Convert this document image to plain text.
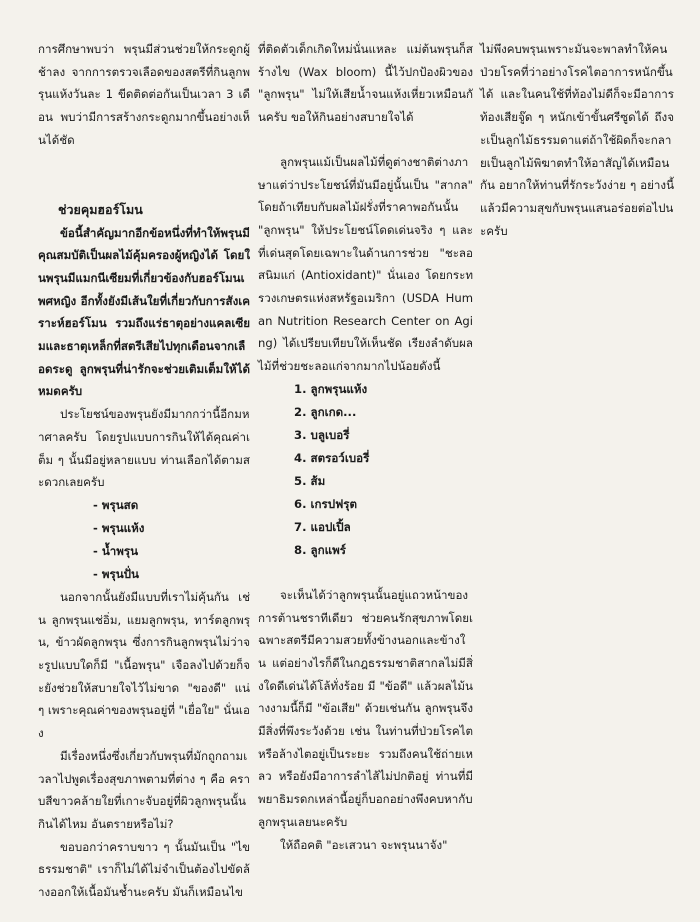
การศึกษาพบว่า พรุนมีส่วนช่วยให้กระดูกผู้ช้าลง จากการตรวจเลือดของสตรีที่กินลูกพรุนแห้งวันละ 1 ขีดติดต่อกันเป็นเวลา 3 เดือน พบว่ามีการสร้างกระดูกมากขึ้นอย่างเห็นได้ชัด

ช่วยคุมฮอร์โมน

ข้อนี้สำคัญมากอีกข้อหนึ่งที่ทำให้พรุนมีคุณสมบัติเป็นผลไม้คุ้มครองผู้หญิงได้ โดยในพรุนมีแมกนีเซียมที่เกี่ยวข้องกับฮอร์โมนเพศหญิง อีกทั้งยังมีเส้นใยที่เกี่ยวกับการสังเคราะห์ฮอร์โมน รวมถึงแร่ธาตุอย่างแคลเซียมและธาตุเหล็กที่สตรีเสียไปทุกเดือนจากเลือดระดู ลูกพรุนที่น่ารักจะช่วยเติมเต็มให้ได้หมดครับ

ประโยชน์ของพรุนยังมีมากกว่านี้อีกมหาศาลครับ โดยรูปแบบการกินให้ได้คุณค่าเต็ม ๆ นั้นมีอยู่หลายแบบ ท่านเลือกได้ตามสะดวกเลยครับ

- พรุนสด
- พรุนแห้ง
- น้ำพรุน
- พรุนปั่น

นอกจากนั้นยังมีแบบที่เราไม่คุ้นกัน เช่น ลูกพรุนแช่อิ่ม, แยมลูกพรุน, ทาร์ตลูกพรุน, ข้าวผัดลูกพรุน ซึ่งการกินลูกพรุนไม่ว่าจะรูปแบบใดก็มี "เนื้อพรุน" เจือลงไปด้วยก็จะยังช่วยให้สบายใจไว้ไม่ขาด "ของดี" แน่ ๆ เพราะคุณค่าของพรุนอยู่ที่ "เยื่อใย" นั่นเอง

มีเรื่องหนึ่งซึ่งเกี่ยวกับพรุนที่มักถูกถามเวลาไปพูดเรื่องสุขภาพตามที่ต่าง ๆ คือ คราบสีขาวคล้ายใยที่เกาะจับอยู่ที่ผิวลูกพรุนนั้นกินได้ไหม อันตรายหรือไม่?

ขอบอกว่าคราบขาว ๆ นั้นมันเป็น "ไขธรรมชาติ" เราก็ไม่ได้ไม่จำเป็นต้องไปขัดล้างออกให้เนื้อมันช้ำนะครับ มันก็เหมือนไข

ที่ติดตัวเด็กเกิดใหม่นั่นแหละ แม่ต้นพรุนก็สร้างไข (Wax bloom) นี้ไว้ปกป้องผิวของ "ลูกพรุน" ไม่ให้เสียน้ำจนแห้งเหี่ยวเหมือนกันครับ ขอให้กินอย่างสบายใจได้

ลูกพรุนแม้เป็นผลไม้ที่ดูต่างชาติต่างภาษาแต่ว่าประโยชน์ที่มันมีอยู่นั้นเป็น "สากล" โดยถ้าเทียบกับผลไม้ฝรั่งที่ราคาพอกันนั้น "ลูกพรุน" ให้ประโยชน์โดดเด่นจริง ๆ และ ที่เด่นสุดโดยเฉพาะในด้านการช่วย "ชะลอสนิมแก่ (Antioxidant)" นั่นเอง โดยกระทรวงเกษตรแห่งสหรัฐอเมริกา (USDA Human Nutrition Research Center on Aging) ได้เปรียบเทียบให้เห็นชัด เรียงลำดับผลไม้ที่ช่วยชะลอแก่จากมากไปน้อยดังนี้

1. ลูกพรุนแห้ง
2. ลูกเกด...
3. บลูเบอรี่
4. สตรอว์เบอรี่
5. ส้ม
6. เกรปฟรุต
7. แอปเปิ้ล
8. ลูกแพร์

จะเห็นได้ว่าลูกพรุนนั้นอยู่แถวหน้าของการต้านชราทีเดียว ช่วยคนรักสุขภาพโดยเฉพาะสตรีมีความสวยทั้งข้างนอกและข้างใน แต่อย่างไรก็ดีในกฎธรรมชาติสากลไม่มีสิ่งใดดีเด่นได้โล้ทั่งร้อย มี "ข้อดี" แล้วผลไม้นางงามนี้ก็มี "ข้อเสีย" ด้วยเช่นกัน ลูกพรุนจึงมีสิ่งที่พึงระวังด้วย เช่น ในท่านที่ป่วยโรคไตหรือล้างไตอยู่เป็นระยะ รวมถึงคนใช้ถ่ายเหลว หรือยังมีอาการลำไส้ไม่ปกติอยู่ ท่านที่มีพยาธิมรดกเหล่านี้อยู่ก็บอกอย่างพึงคบหากับลูกพรุนเลยนะครับ

ให้ถือคติ "อะเสวนา จะพรุนนาจัง"

ไม่พึงคบพรุนเพราะมันจะพาลทำให้คนป่วยโรคที่ว่าอย่างโรคไตอาการหนักขึ้นได้ และในคนใช้ที่ท้องไม่ดีก็จะมีอาการท้องเสียจู๊ด ๆ หนักเข้าขั้นศรีซูดได้ ถึงจะเป็นลูกไม้ธรรมดาแต่ถ้าใช้ผิดก็จะกลายเป็นลูกไม้พิฆาตทำให้อาสัญได้เหมือนกัน อยากให้ท่านที่รักระวังง่าย ๆ อย่างนี้แล้วมีความสุขกับพรุนแสนอร่อยต่อไปนะครับ
